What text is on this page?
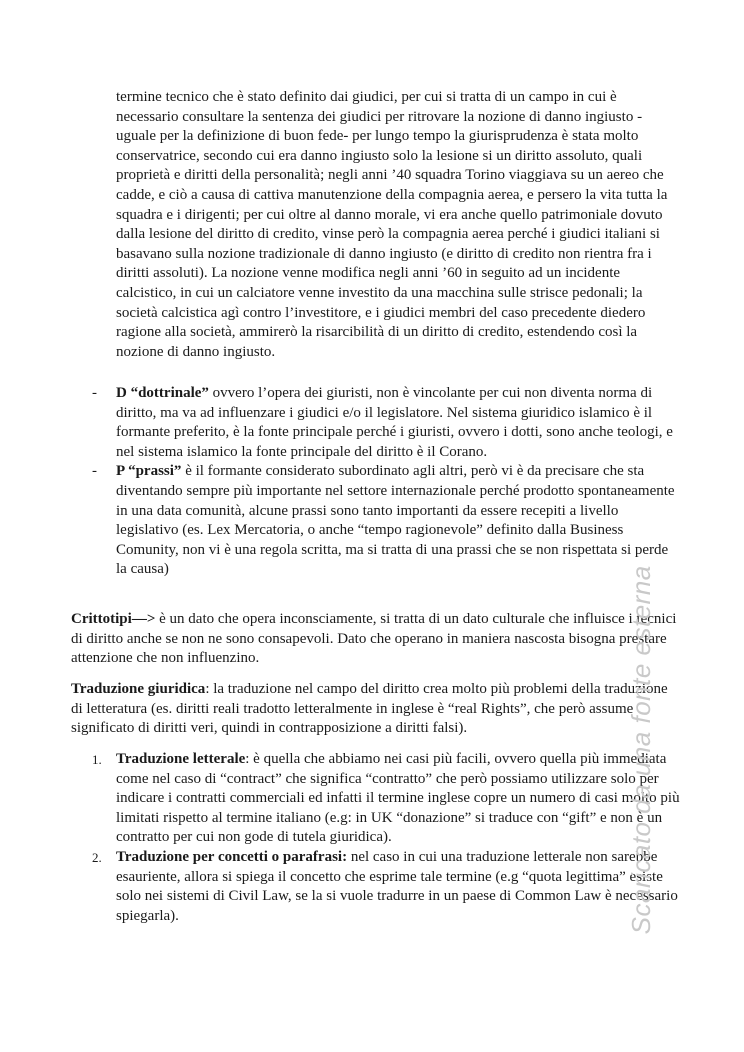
termine tecnico che è stato definito dai giudici, per cui si tratta di un campo in cui è necessario consultare la sentenza dei giudici per ritrovare la nozione di danno ingiusto -uguale per la definizione di buon fede- per lungo tempo la giurisprudenza è stata molto conservatrice, secondo cui era danno ingiusto solo la lesione si un diritto assoluto, quali proprietà e diritti della personalità; negli anni ’40 squadra Torino viaggiava su un aereo che cadde, e ciò a causa di cattiva manutenzione della compagnia aerea, e persero la vita tutta la squadra e i dirigenti; per cui oltre al danno morale, vi era anche quello patrimoniale dovuto dalla lesione del diritto di credito, vinse però la compagnia aerea perché i giudici italiani si basavano sulla nozione tradizionale di danno ingiusto (e diritto di credito non rientra fra i diritti assoluti). La nozione venne modifica negli anni ’60 in seguito ad un incidente calcistico, in cui un calciatore venne investito da una macchina sulle strisce pedonali; la società calcistica agì contro l’investitore, e i giudici membri del caso precedente diedero ragione alla società, ammirerò la risarcibilità di un diritto di credito, estendendo così la nozione di danno ingiusto.

- D “dottrinale” ovvero l’opera dei giuristi, non è vincolante per cui non diventa norma di diritto, ma va ad influenzare i giudici e/o il legislatore. Nel sistema giuridico islamico è il formante preferito, è la fonte principale perché i giuristi, ovvero i dotti, sono anche teologi, e nel sistema islamico la fonte principale del diritto è il Corano.
- P “prassi” è il formante considerato subordinato agli altri, però vi è da precisare che sta diventando sempre più importante nel settore internazionale perché prodotto spontaneamente in una data comunità, alcune prassi sono tanto importanti da essere recepiti a livello legislativo (es. Lex Mercatoria, o anche “tempo ragionevole” definito dalla Business Comunity, non vi è una regola scritta, ma si tratta di una prassi che se non rispettata si perde la causa)

Crittotipi—> è un dato che opera inconsciamente, si tratta di un dato culturale che influisce i tecnici di diritto anche se non ne sono consapevoli. Dato che operano in maniera nascosta bisogna prestare attenzione che non influenzino.

Traduzione giuridica: la traduzione nel campo del diritto crea molto più problemi della traduzione di letteratura (es. diritti reali tradotto letteralmente in inglese è “real Rights”, che però assume significato di diritti veri, quindi in contrapposizione a diritti falsi).

1. Traduzione letterale: è quella che abbiamo nei casi più facili, ovvero quella più immediata come nel caso di “contract” che significa “contratto” che però possiamo utilizzare solo per indicare i contratti commerciali ed infatti il termine inglese copre un numero di casi molto più limitati rispetto al termine italiano (e.g: in UK “donazione” si traduce con “gift” e non è un contratto per cui non gode di tutela giuridica).
2. Traduzione per concetti o parafrasi: nel caso in cui una traduzione letterale non sarebbe esauriente, allora si spiega il concetto che esprime tale termine (e.g “quota legittima” esiste solo nei sistemi di Civil Law, se la si vuole tradurre in un paese di Common Law è necessario spiegarla).	Scaricato da una fonte esterna
